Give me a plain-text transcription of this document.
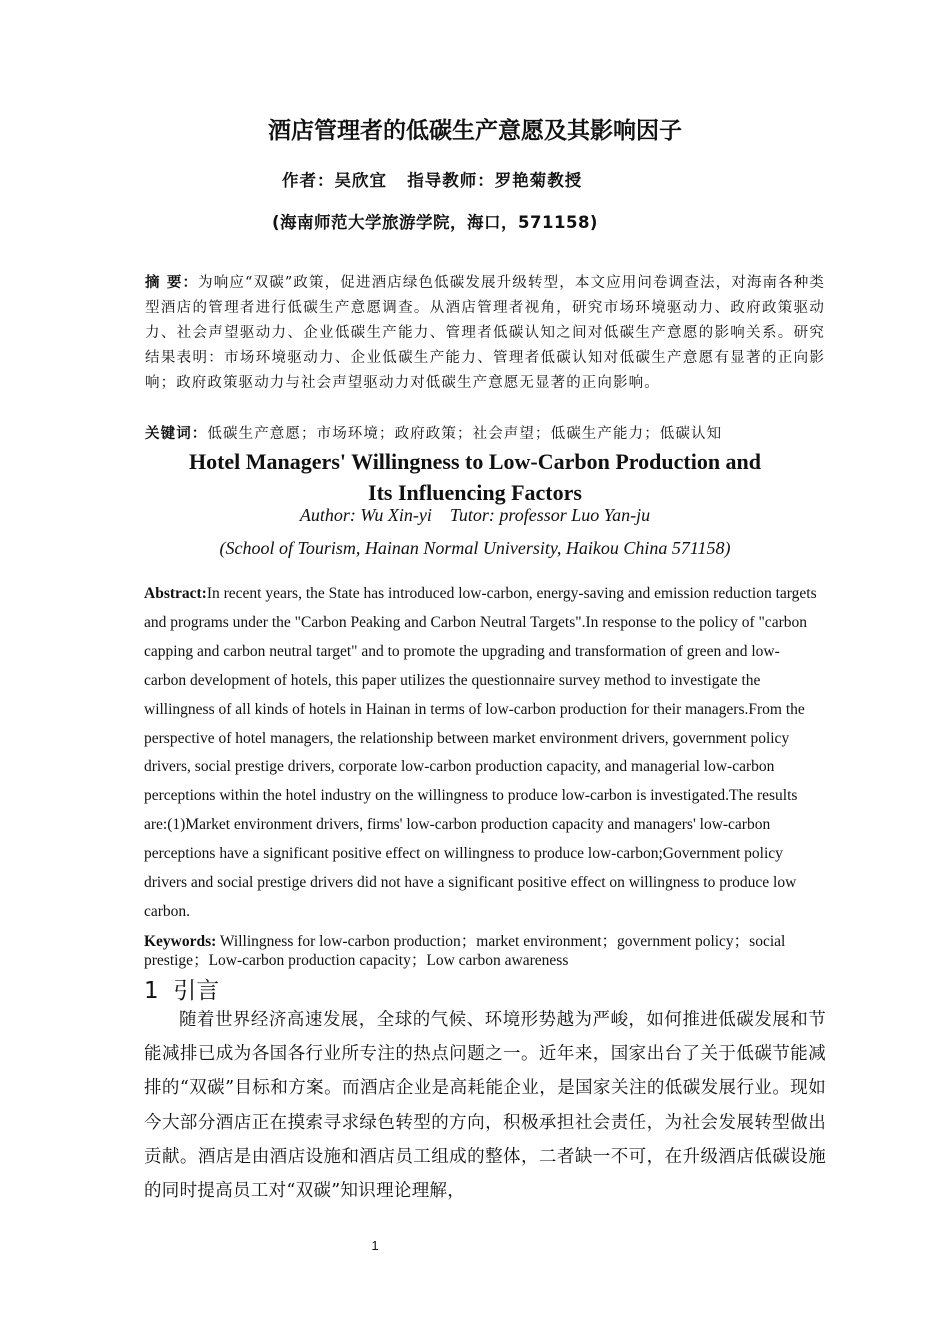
酒店管理者的低碳生产意愿及其影响因子
作者：吴欣宜   指导教师：罗艳菊教授
(海南师范大学旅游学院，海口，571158)

摘 要：为响应“双碳”政策，促进酒店绿色低碳发展升级转型，本文应用问卷调查法，对海南各种类型酒店的管理者进行低碳生产意愿调查。从酒店管理者视角，研究市场环境驱动力、政府政策驱动力、社会声望驱动力、企业低碳生产能力、管理者低碳认知之间对低碳生产意愿的影响关系。研究结果表明：市场环境驱动力、企业低碳生产能力、管理者低碳认知对低碳生产意愿有显著的正向影响；政府政策驱动力与社会声望驱动力对低碳生产意愿无显著的正向影响。

关键词：低碳生产意愿；市场环境；政府政策；社会声望；低碳生产能力；低碳认知

Hotel Managers' Willingness to Low-Carbon Production and Its Influencing Factors

Author: Wu Xin-yi    Tutor: professor Luo Yan-ju
(School of Tourism, Hainan Normal University, Haikou China 571158)

Abstract:In recent years, the State has introduced low-carbon, energy-saving and emission reduction targets and programs under the "Carbon Peaking and Carbon Neutral Targets".In response to the policy of "carbon capping and carbon neutral target" and to promote the upgrading and transformation of green and low-carbon development of hotels, this paper utilizes the questionnaire survey method to investigate the willingness of all kinds of hotels in Hainan in terms of low-carbon production for their managers.From the perspective of hotel managers, the relationship between market environment drivers, government policy drivers, social prestige drivers, corporate low-carbon production capacity, and managerial low-carbon perceptions within the hotel industry on the willingness to produce low-carbon is investigated.The results are:(1)Market environment drivers, firms' low-carbon production capacity and managers' low-carbon perceptions have a significant positive effect on willingness to produce low-carbon;Government policy drivers and social prestige drivers did not have a significant positive effect on willingness to produce low carbon.

Keywords: Willingness for low-carbon production；market environment；government policy；social prestige；Low-carbon production capacity；Low carbon awareness

1  引言

随着世界经济高速发展，全球的气候、环境形势越为严峻，如何推进低碳发展和节能减排已成为各国各行业所专注的热点问题之一。近年来，国家出台了关于低碳节能减排的“双碳”目标和方案。而酒店企业是高耗能企业，是国家关注的低碳发展行业。现如今大部分酒店正在摸索寻求绿色转型的方向，积极承担社会责任，为社会发展转型做出贡献。酒店是由酒店设施和酒店员工组成的整体，二者缺一不可，在升级酒店低碳设施的同时提高员工对“双碳”知识理论理解，

1
